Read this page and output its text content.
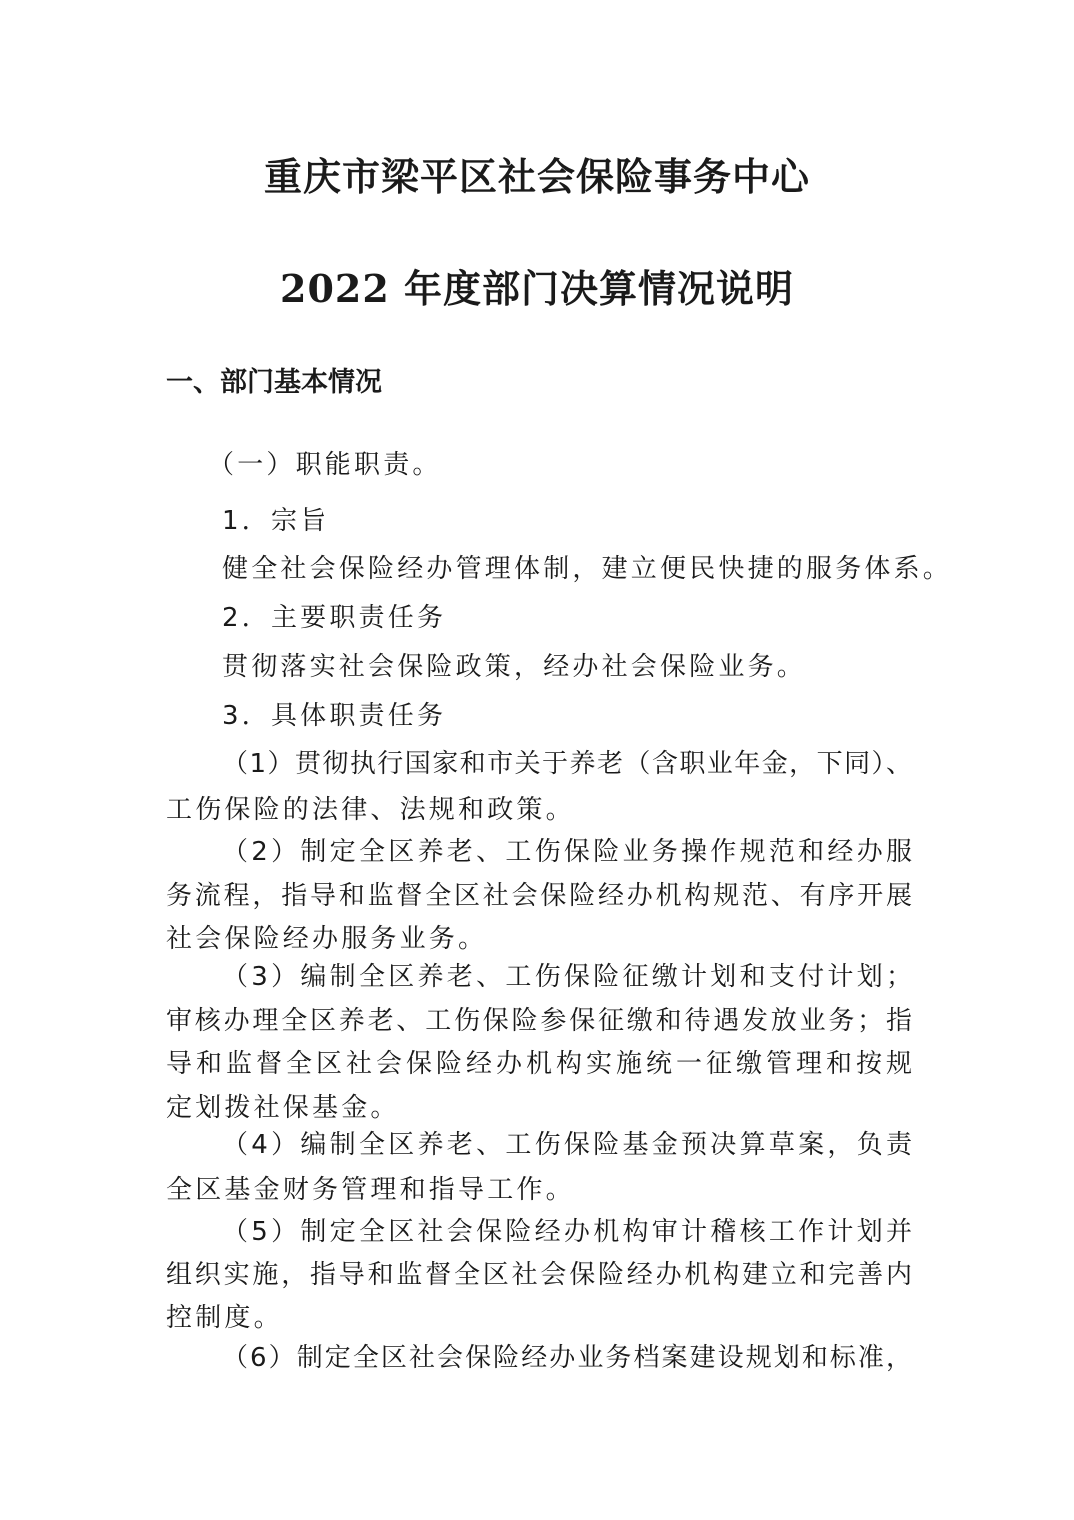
重庆市梁平区社会保险事务中心
2022 年度部门决算情况说明
一、部门基本情况
（一）职能职责。
1．宗旨
健全社会保险经办管理体制，建立便民快捷的服务体系。
2．主要职责任务
贯彻落实社会保险政策，经办社会保险业务。
3．具体职责任务
（1）贯彻执行国家和市关于养老（含职业年金，下同）、
工伤保险的法律、法规和政策。
（2）制定全区养老、工伤保险业务操作规范和经办服
务流程，指导和监督全区社会保险经办机构规范、有序开展
社会保险经办服务业务。
（3）编制全区养老、工伤保险征缴计划和支付计划；
审核办理全区养老、工伤保险参保征缴和待遇发放业务；指
导和监督全区社会保险经办机构实施统一征缴管理和按规
定划拨社保基金。
（4）编制全区养老、工伤保险基金预决算草案，负责
全区基金财务管理和指导工作。
（5）制定全区社会保险经办机构审计稽核工作计划并
组织实施，指导和监督全区社会保险经办机构建立和完善内
控制度。
（6）制定全区社会保险经办业务档案建设规划和标准，
